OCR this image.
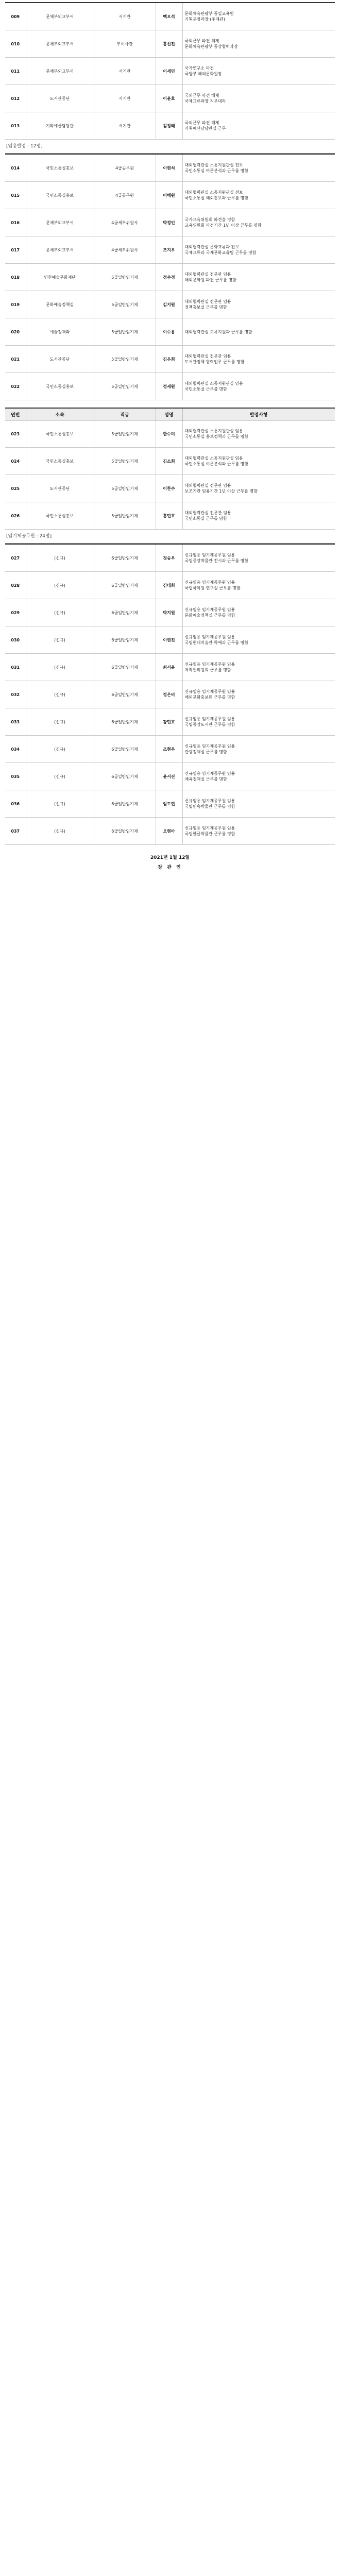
009	문체부외교부서	서기관	백오석	문화체육관광부 통일교육원
기획운영과장 (주재관)
010	문체부외교부서	부이사관	홍신진	국외근무 파견 해제
문화체육관광부 통상협력과장
011	문체부외교부서	서기관	이세민	국가연구소 파견
국방부 해외문화원장
012	도서관공단	서기관	이윤호	국외근무 파견 해제
국제교류과장 직무대리
013	기획예산담당관	서기관	김정래	국외근무 파견 해제
기획예산담당관실 근무
[임용발령 : 12명]
014	국민소통실홍보	4급공무원	이현석	대외협력관실 소통지원관실 전보
국민소통실 여론분석과 근무를 명함
015	국민소통실홍보	4급공무원	이해원	대외협력관실 소통지원관실 전보
국민소통실 해외홍보과 근무를 명함
016	문체부외교부서	4급세부위원사	박정인	국가교육위원회 파견을 명함
교육위원회 파견기간 1년 이상 근무를 명함
017	문체부외교부서	4급세부위원사	조지우	대외협력관실 문화교류과 전보
국제교류과 국제문화교류팀 근무를 명함
018	인천예술문화재단	5급일반임기제	정수정	대외협력관실 전문관 임용
해외문화원 파견 근무를 명함
019	문화예술정책실	5급일반임기제	김지원	대외협력관실 전문관 임용
정책홍보실 근무를 명함
020	예술정책과	5급일반임기제	이수용	대외협력관실 교류지원과 근무를 명함
021	도서관공단	5급일반임기제	김은희	대외협력관실 전문관 임용
도서관정책 협력업무 근무를 명함
022	국민소통실홍보	5급일반임기제	정세원	대외협력관실 소통지원관실 임용
국민소통실 근무를 명함
연번	소속	직급	성명	발령사항
023	국민소통실홍보	5급일반임기제	한수미	대외협력관실 소통지원관실 임용
국민소통실 홍보정책과 근무를 명함
024	국민소통실홍보	5급일반임기제	김소희	대외협력관실 소통지원관실 임용
국민소통실 여론분석과 근무를 명함
025	도서관공단	5급일반임기제	이찬수	대외협력관실 전문관 임용
보조기관 임용기간 1년 이상 근무를 명함
026	국민소통실홍보	5급일반임기제	홍민호	대외협력관실 전문관 임용
국민소통실 근무를 명함
[임기제공무원 : 24명]
027	(신규)	6급일반임기제	정승우	신규임용 임기제공무원 임용
국립중앙박물관 전시과 근무를 명함
028	(신규)	6급일반임기제	김태희	신규임용 임기제공무원 임용
국립국악원 연구실 근무를 명함
029	(신규)	6급일반임기제	박지원	신규임용 임기제공무원 임용
문화예술정책실 근무를 명함
030	(신규)	6급일반임기제	이현진	신규임용 임기제공무원 임용
국립현대미술관 학예과 근무를 명함
031	(신규)	6급일반임기제	최서윤	신규임용 임기제공무원 임용
저작권위원회 근무를 명함
032	(신규)	6급일반임기제	정은비	신규임용 임기제공무원 임용
해외문화홍보원 근무를 명함
033	(신규)	6급일반임기제	강민호	신규임용 임기제공무원 임용
국립중앙도서관 근무를 명함
034	(신규)	6급일반임기제	조현우	신규임용 임기제공무원 임용
관광정책실 근무를 명함
035	(신규)	6급일반임기제	윤서진	신규임용 임기제공무원 임용
체육정책실 근무를 명함
036	(신규)	6급일반임기제	임도현	신규임용 임기제공무원 임용
국립민속박물관 근무를 명함
037	(신규)	6급일반임기제	오현아	신규임용 임기제공무원 임용
국립한글박물관 근무를 명함
2021년 1월 12일
장 관 인
